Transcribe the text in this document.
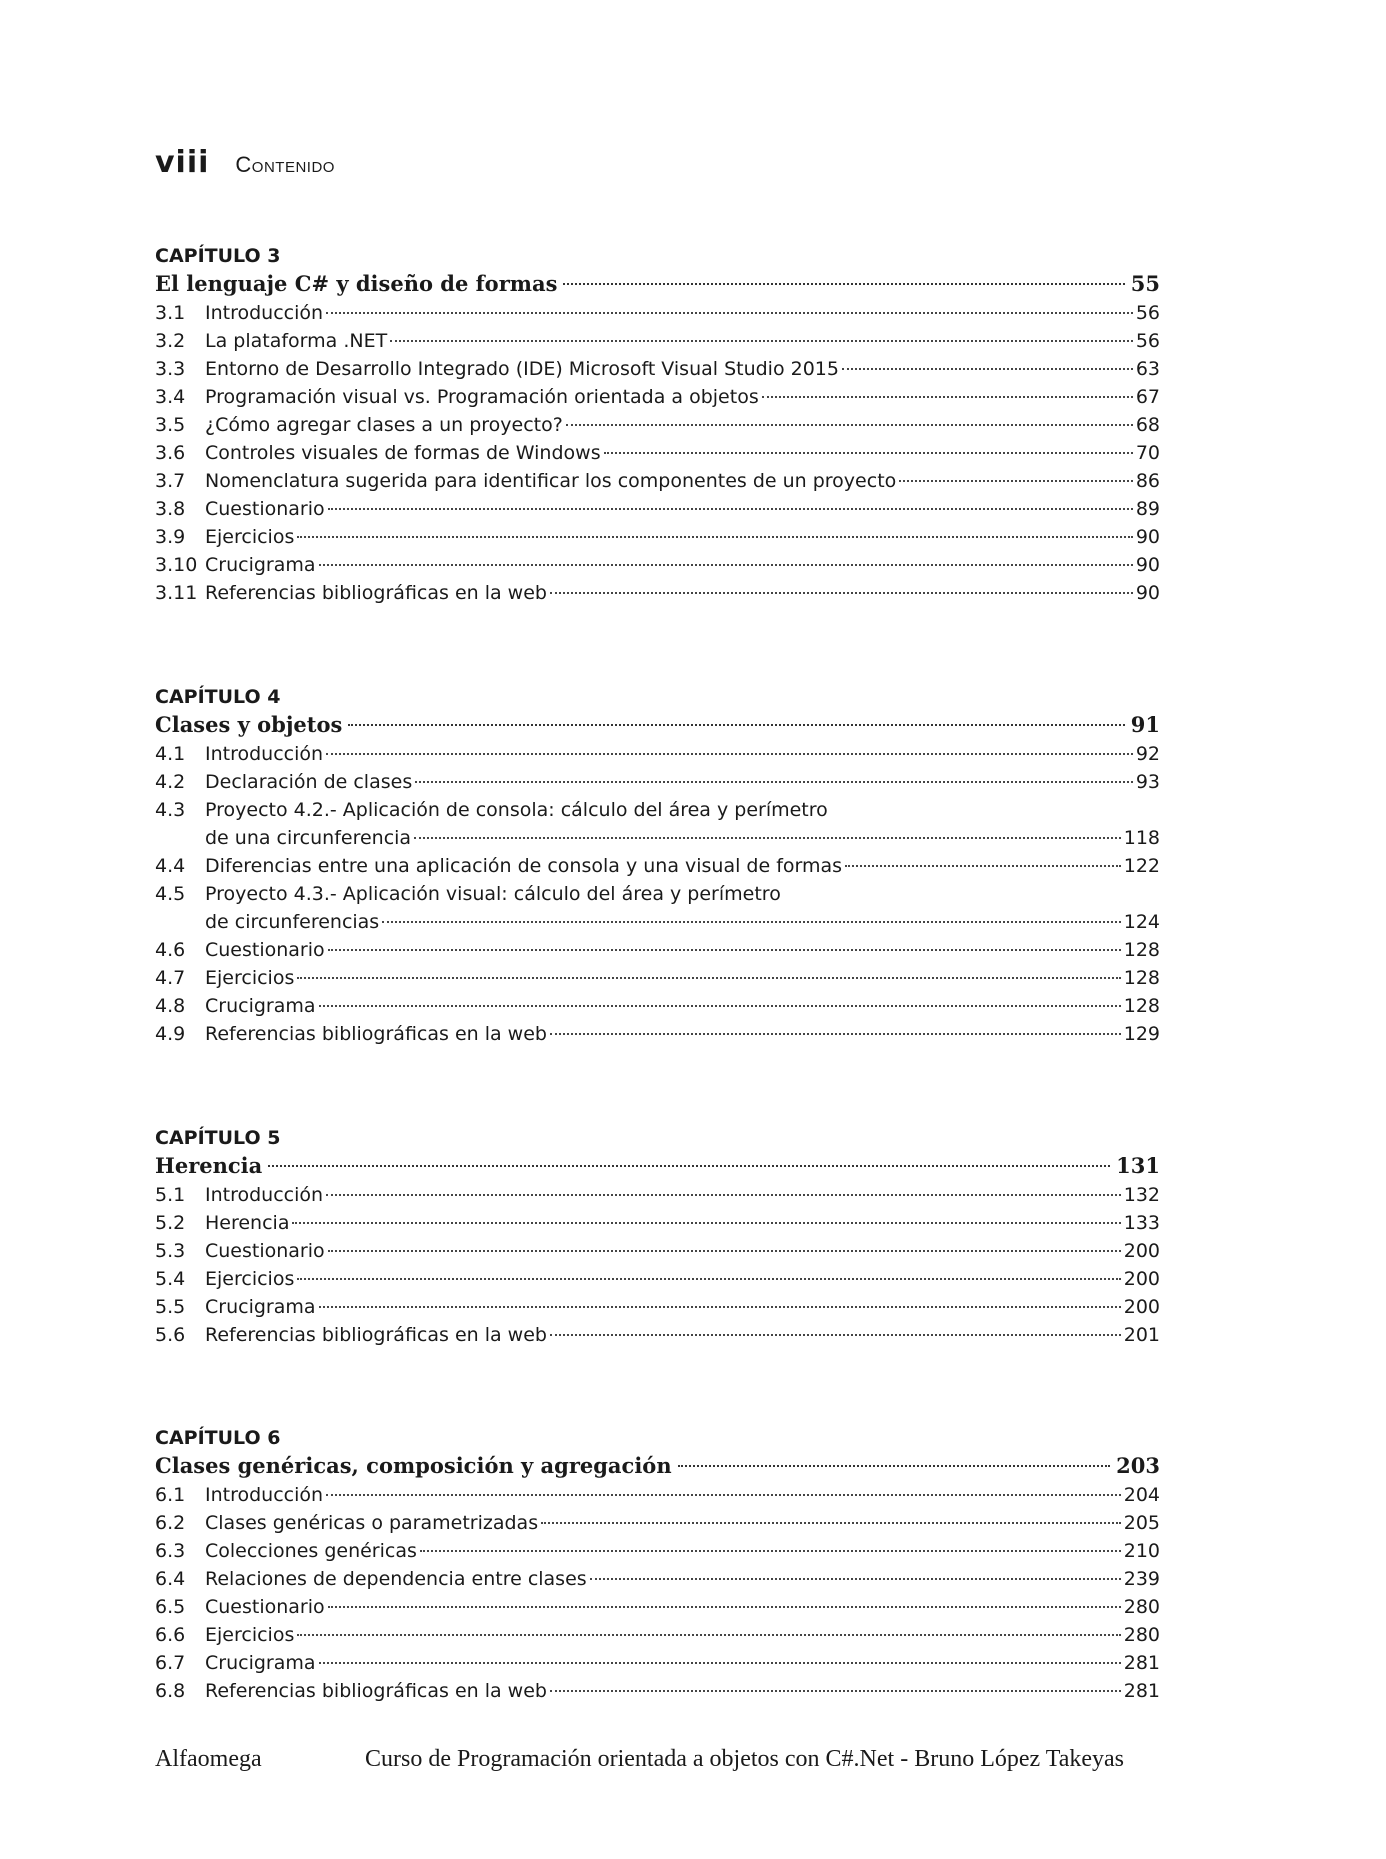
viii Contenido
CAPÍTULO 3
El lenguaje C# y diseño de formas	55
3.1	Introducción	56
3.2	La plataforma .NET	56
3.3	Entorno de Desarrollo Integrado (IDE) Microsoft Visual Studio 2015	63
3.4	Programación visual vs. Programación orientada a objetos	67
3.5	¿Cómo agregar clases a un proyecto?	68
3.6	Controles visuales de formas de Windows	70
3.7	Nomenclatura sugerida para identificar los componentes de un proyecto	86
3.8	Cuestionario	89
3.9	Ejercicios	90
3.10 Crucigrama	90
3.11 Referencias bibliográficas en la web	90
CAPÍTULO 4
Clases y objetos	91
4.1	Introducción	92
4.2	Declaración de clases	93
4.3	Proyecto 4.2.- Aplicación de consola: cálculo del área y perímetro
de una circunferencia	118
4.4	Diferencias entre una aplicación de consola y una visual de formas	122
4.5	Proyecto 4.3.- Aplicación visual: cálculo del área y perímetro
de circunferencias	124
4.6	Cuestionario	128
4.7	Ejercicios	128
4.8	Crucigrama	128
4.9	Referencias bibliográficas en la web	129
CAPÍTULO 5
Herencia	131
5.1	Introducción	132
5.2	Herencia	133
5.3	Cuestionario	200
5.4	Ejercicios	200
5.5	Crucigrama	200
5.6	Referencias bibliográficas en la web	201
CAPÍTULO 6
Clases genéricas, composición y agregación	203
6.1	Introducción	204
6.2	Clases genéricas o parametrizadas	205
6.3	Colecciones genéricas	210
6.4	Relaciones de dependencia entre clases	239
6.5	Cuestionario	280
6.6	Ejercicios	280
6.7	Crucigrama	281
6.8	Referencias bibliográficas en la web	281
Alfaomega	Curso de Programación orientada a objetos con C#.Net - Bruno López Takeyas
